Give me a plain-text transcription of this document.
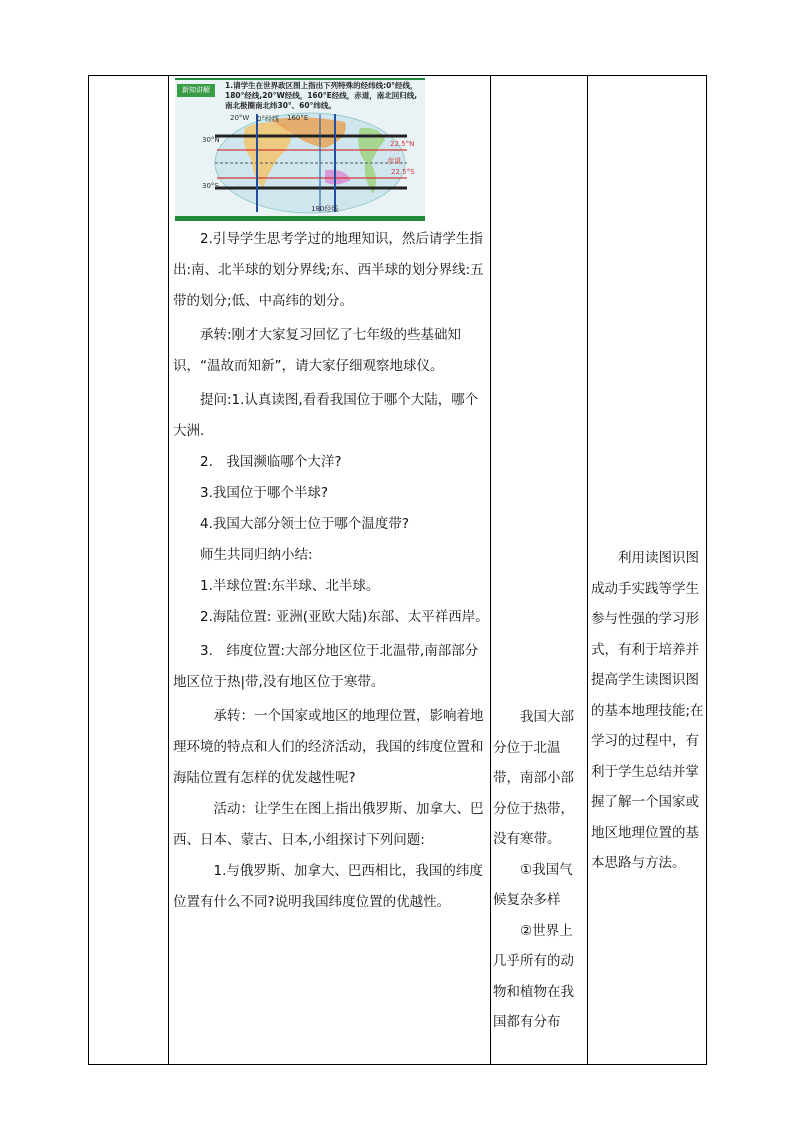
　　2.引导学生思考学过的地理知识，然后请学生指出:南、北半球的划分界线;东、西半球的划分界线:五带的划分;低、中高纬的划分。

　　承转:刚才大家复习回忆了七年级的些基础知识，“温故而知新”，请大家仔细观察地球仪。

　　提问:1.认真读图,看看我国位于哪个大陆，哪个大洲.

　　2.　我国濒临哪个大洋?

　　3.我国位于哪个半球?

　　4.我国大部分领士位于哪个温度带?

　　师生共同归纳小结:

　　1.半球位置:东半球、北半球。

　　2.海陆位置: 亚洲(亚欧大陆)东部、太平祥西岸。

　　3.　纬度位置:大部分地区位于北温带,南部部分地区位于热|带,没有地区位于寒带。

　　　承转：一个国家或地区的地理位置，影响着地理环境的特点和人们的经济活动，我国的纬度位置和海陆位置有怎样的优发越性呢?

　　　活动：让学生在图上指出俄罗斯、加拿大、巴西、日本、蒙古、日本,小组探讨下列问题:

　　　1.与俄罗斯、加拿大、巴西相比，我国的纬度位置有什么不同?说明我国纬度位置的优越性。

新知讲解	1.请学生在世界政区图上指出下列特殊的经纬线:0°经线，180°经线,20°W经线，160°E经线，赤道，南北回归线,南北极圈南北纬30°、60°纬线。
20°W 0°经线 160°E
30°N
30°S
22.5°N
22.5°S
赤道
180经线

　　我国大部分位于北温带，南部小部分位于热带，没有寒带。

　　①我国气候复杂多样

　　②世界上几乎所有的动物和植物在我国都有分布

　　利用读图识图成动手实践等学生参与性强的学习形式，有利于培养并提高学生读图识图的基本地理技能;在学习的过程中，有利于学生总结并掌握了解一个国家或地区地理位置的基本思路与方法。
